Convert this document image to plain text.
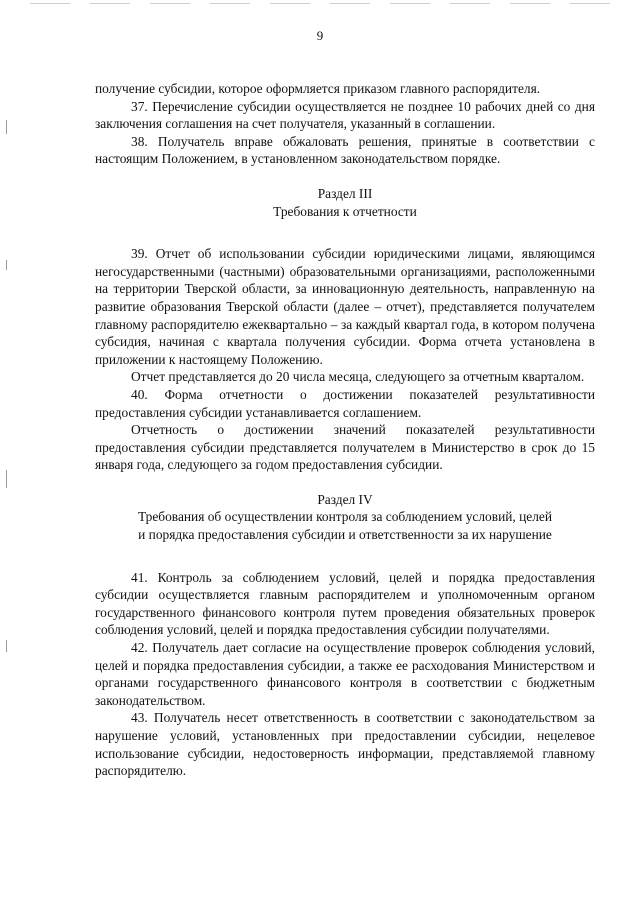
9

получение субсидии, которое оформляется приказом главного распорядителя.

37. Перечисление субсидии осуществляется не позднее 10 рабочих дней со дня заключения соглашения на счет получателя, указанный в соглашении.

38. Получатель вправе обжаловать решения, принятые в соответствии с настоящим Положением, в установленном законодательством порядке.

Раздел III

Требования к отчетности

39. Отчет об использовании субсидии юридическими лицами, являющимся негосударственными (частными) образовательными организациями, расположенными на территории Тверской области, за инновационную деятельность, направленную на развитие образования Тверской области (далее – отчет), представляется получателем главному распорядителю ежеквартально – за каждый квартал года, в котором получена субсидия, начиная с квартала получения субсидии. Форма отчета установлена в приложении к настоящему Положению.

Отчет представляется до 20 числа месяца, следующего за отчетным кварталом.

40. Форма отчетности о достижении показателей результативности предоставления субсидии устанавливается соглашением.

Отчетность о достижении значений показателей результативности предоставления субсидии представляется получателем в Министерство в срок до 15 января года, следующего за годом предоставления субсидии.

Раздел IV

Требования об осуществлении контроля за соблюдением условий, целей

и порядка предоставления субсидии и ответственности за их нарушение

41. Контроль за соблюдением условий, целей и порядка предоставления субсидии осуществляется главным распорядителем и уполномоченным органом государственного финансового контроля путем проведения обязательных проверок соблюдения условий, целей и порядка предоставления субсидии получателями.

42. Получатель дает согласие на осуществление проверок соблюдения условий, целей и порядка предоставления субсидии, а также ее расходования Министерством и органами государственного финансового контроля в соответствии с бюджетным законодательством.

43. Получатель несет ответственность в соответствии с законодательством за нарушение условий, установленных при предоставлении субсидии, нецелевое использование субсидии, недостоверность информации, представляемой главному распорядителю.
